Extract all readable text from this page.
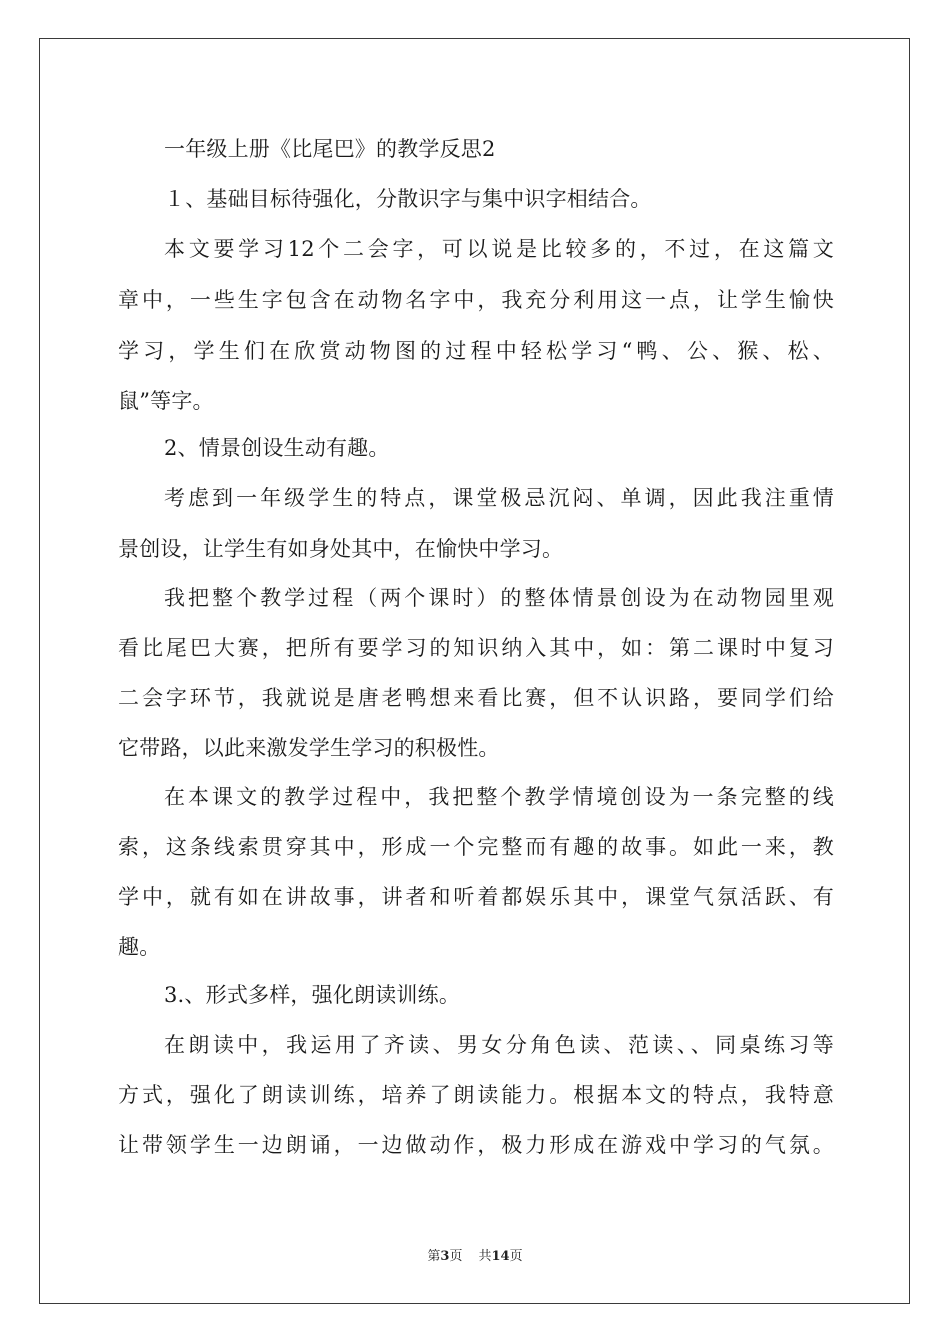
一年级上册《比尾巴》的教学反思2
１、基础目标待强化，分散识字与集中识字相结合。
本文要学习12个二会字，可以说是比较多的，不过，在这篇文
章中，一些生字包含在动物名字中，我充分利用这一点，让学生愉快
学习，学生们在欣赏动物图的过程中轻松学习“鸭、公、猴、松、
鼠”等字。
2、情景创设生动有趣。
考虑到一年级学生的特点，课堂极忌沉闷、单调，因此我注重情
景创设，让学生有如身处其中，在愉快中学习。
我把整个教学过程（两个课时）的整体情景创设为在动物园里观
看比尾巴大赛，把所有要学习的知识纳入其中，如：第二课时中复习
二会字环节，我就说是唐老鸭想来看比赛，但不认识路，要同学们给
它带路，以此来激发学生学习的积极性。
在本课文的教学过程中，我把整个教学情境创设为一条完整的线
索，这条线索贯穿其中，形成一个完整而有趣的故事。如此一来，教
学中，就有如在讲故事，讲者和听着都娱乐其中，课堂气氛活跃、有
趣。
3.、形式多样，强化朗读训练。
在朗读中，我运用了齐读、男女分角色读、范读、、同桌练习等
方式，强化了朗读训练，培养了朗读能力。根据本文的特点，我特意
让带领学生一边朗诵，一边做动作，极力形成在游戏中学习的气氛。
第3页 共14页
